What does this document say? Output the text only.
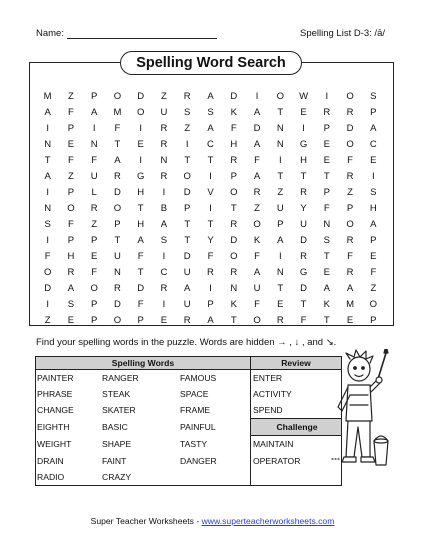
Name:	Spelling List D-3: /ā/
Spelling Word Search
M	Z	P	O	D	Z	R	A	D	I	O	W	I	O	S
A	F	A	M	O	U	S	S	K	A	T	E	R	R	P
I	P	I	F	I	R	Z	A	F	D	N	I	P	D	A
N	E	N	T	E	R	I	C	H	A	N	G	E	O	C
T	F	F	A	I	N	T	T	R	F	I	H	E	F	E
A	Z	U	R	G	R	O	I	P	A	T	T	T	R	I
I	P	L	D	H	I	D	V	O	R	Z	R	P	Z	S
N	O	R	O	T	B	P	I	T	Z	U	Y	F	P	H
S	F	Z	P	H	A	T	T	R	O	P	U	N	O	A
I	P	P	T	A	S	T	Y	D	K	A	D	S	R	P
F	H	E	U	F	I	D	F	O	F	I	R	T	F	E
O	R	F	N	T	C	U	R	R	A	N	G	E	R	F
D	A	O	R	D	R	A	I	N	U	T	D	A	A	Z
I	S	P	D	F	I	U	P	K	F	E	T	K	M	O
Z	E	P	O	P	E	R	A	T	O	R	F	T	E	P
Find your spelling words in the puzzle. Words are hidden → , ↓ , and ↘.
Spelling Words			Review
PAINTER	RANGER	FAMOUS	ENTER
PHRASE	STEAK	SPACE	ACTIVITY
CHANGE	SKATER	FRAME	SPEND
EIGHTH	BASIC	PAINFUL	Challenge
WEIGHT	SHAPE	TASTY	MAINTAIN
DRAIN	FAINT	DANGER	OPERATOR
RADIO	CRAZY		
Super Teacher Worksheets - www.superteacherworksheets.com
